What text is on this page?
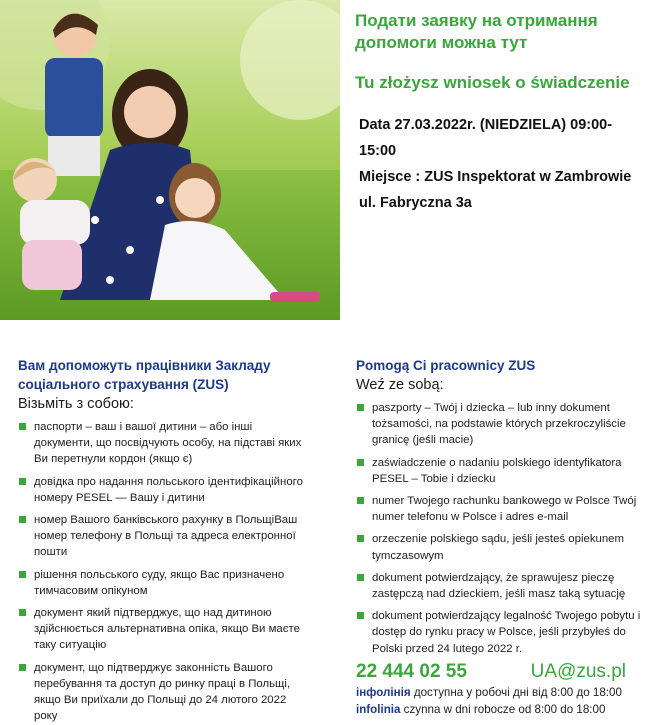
Подати заявку на отримання допомоги можна тут
Tu złożysz wniosek o świadczenie

Data 27.03.2022r. (NIEDZIELA) 09:00-15:00

Miejsce : ZUS Inspektorat w Zambrowie

ul. Fabryczna 3a

Вам допоможуть працівники Закладу соціального страхування (ZUS)
Візьміть з собою:
паспорти – ваш і вашої дитини – або інші документи, що посвідчують особу, на підставі яких Ви перетнули кордон (якщо є)
довідка про надання польського ідентифікаційного номеру PESEL — Вашу і дитини
номер Вашого банківського рахунку в ПольщіВаш номер телефону в Польщі та адреса електронної пошти
рішення польського суду, якщо Вас призначено тимчасовим опікуном
документ який підтверджує, що над дитиною здійснюється альтернативна опіка, якщо Ви маєте таку ситуацію
документ, що підтверджує законність Вашого перебування та доступ до ринку праці в Польщі, якщо Ви приїхали до Польщі до 24 лютого 2022 року
Pomogą Ci pracownicy ZUS
Weź ze sobą:
paszporty – Twój i dziecka – lub inny dokument tożsamości, na podstawie których przekroczyliście granicę (jeśli macie)
zaświadczenie o nadaniu polskiego identyfikatora PESEL – Tobie i dziecku
numer Twojego rachunku bankowego w Polsce Twój numer telefonu w Polsce i adres e-mail
orzeczenie polskiego sądu, jeśli jesteś opiekunem tymczasowym
dokument potwierdzający, że sprawujesz pieczę zastępczą nad dzieckiem, jeśli masz taką sytuację
dokument potwierdzający legalność Twojego pobytu i dostęp do rynku pracy w Polsce, jeśli przybyłeś do Polski przed 24 lutego 2022 r.
22 444 02 55	UA@zus.pl
інфолінія доступна у робочі дні від 8:00 до 18:00
infolinia czynna w dni robocze od 8:00 do 18:00
